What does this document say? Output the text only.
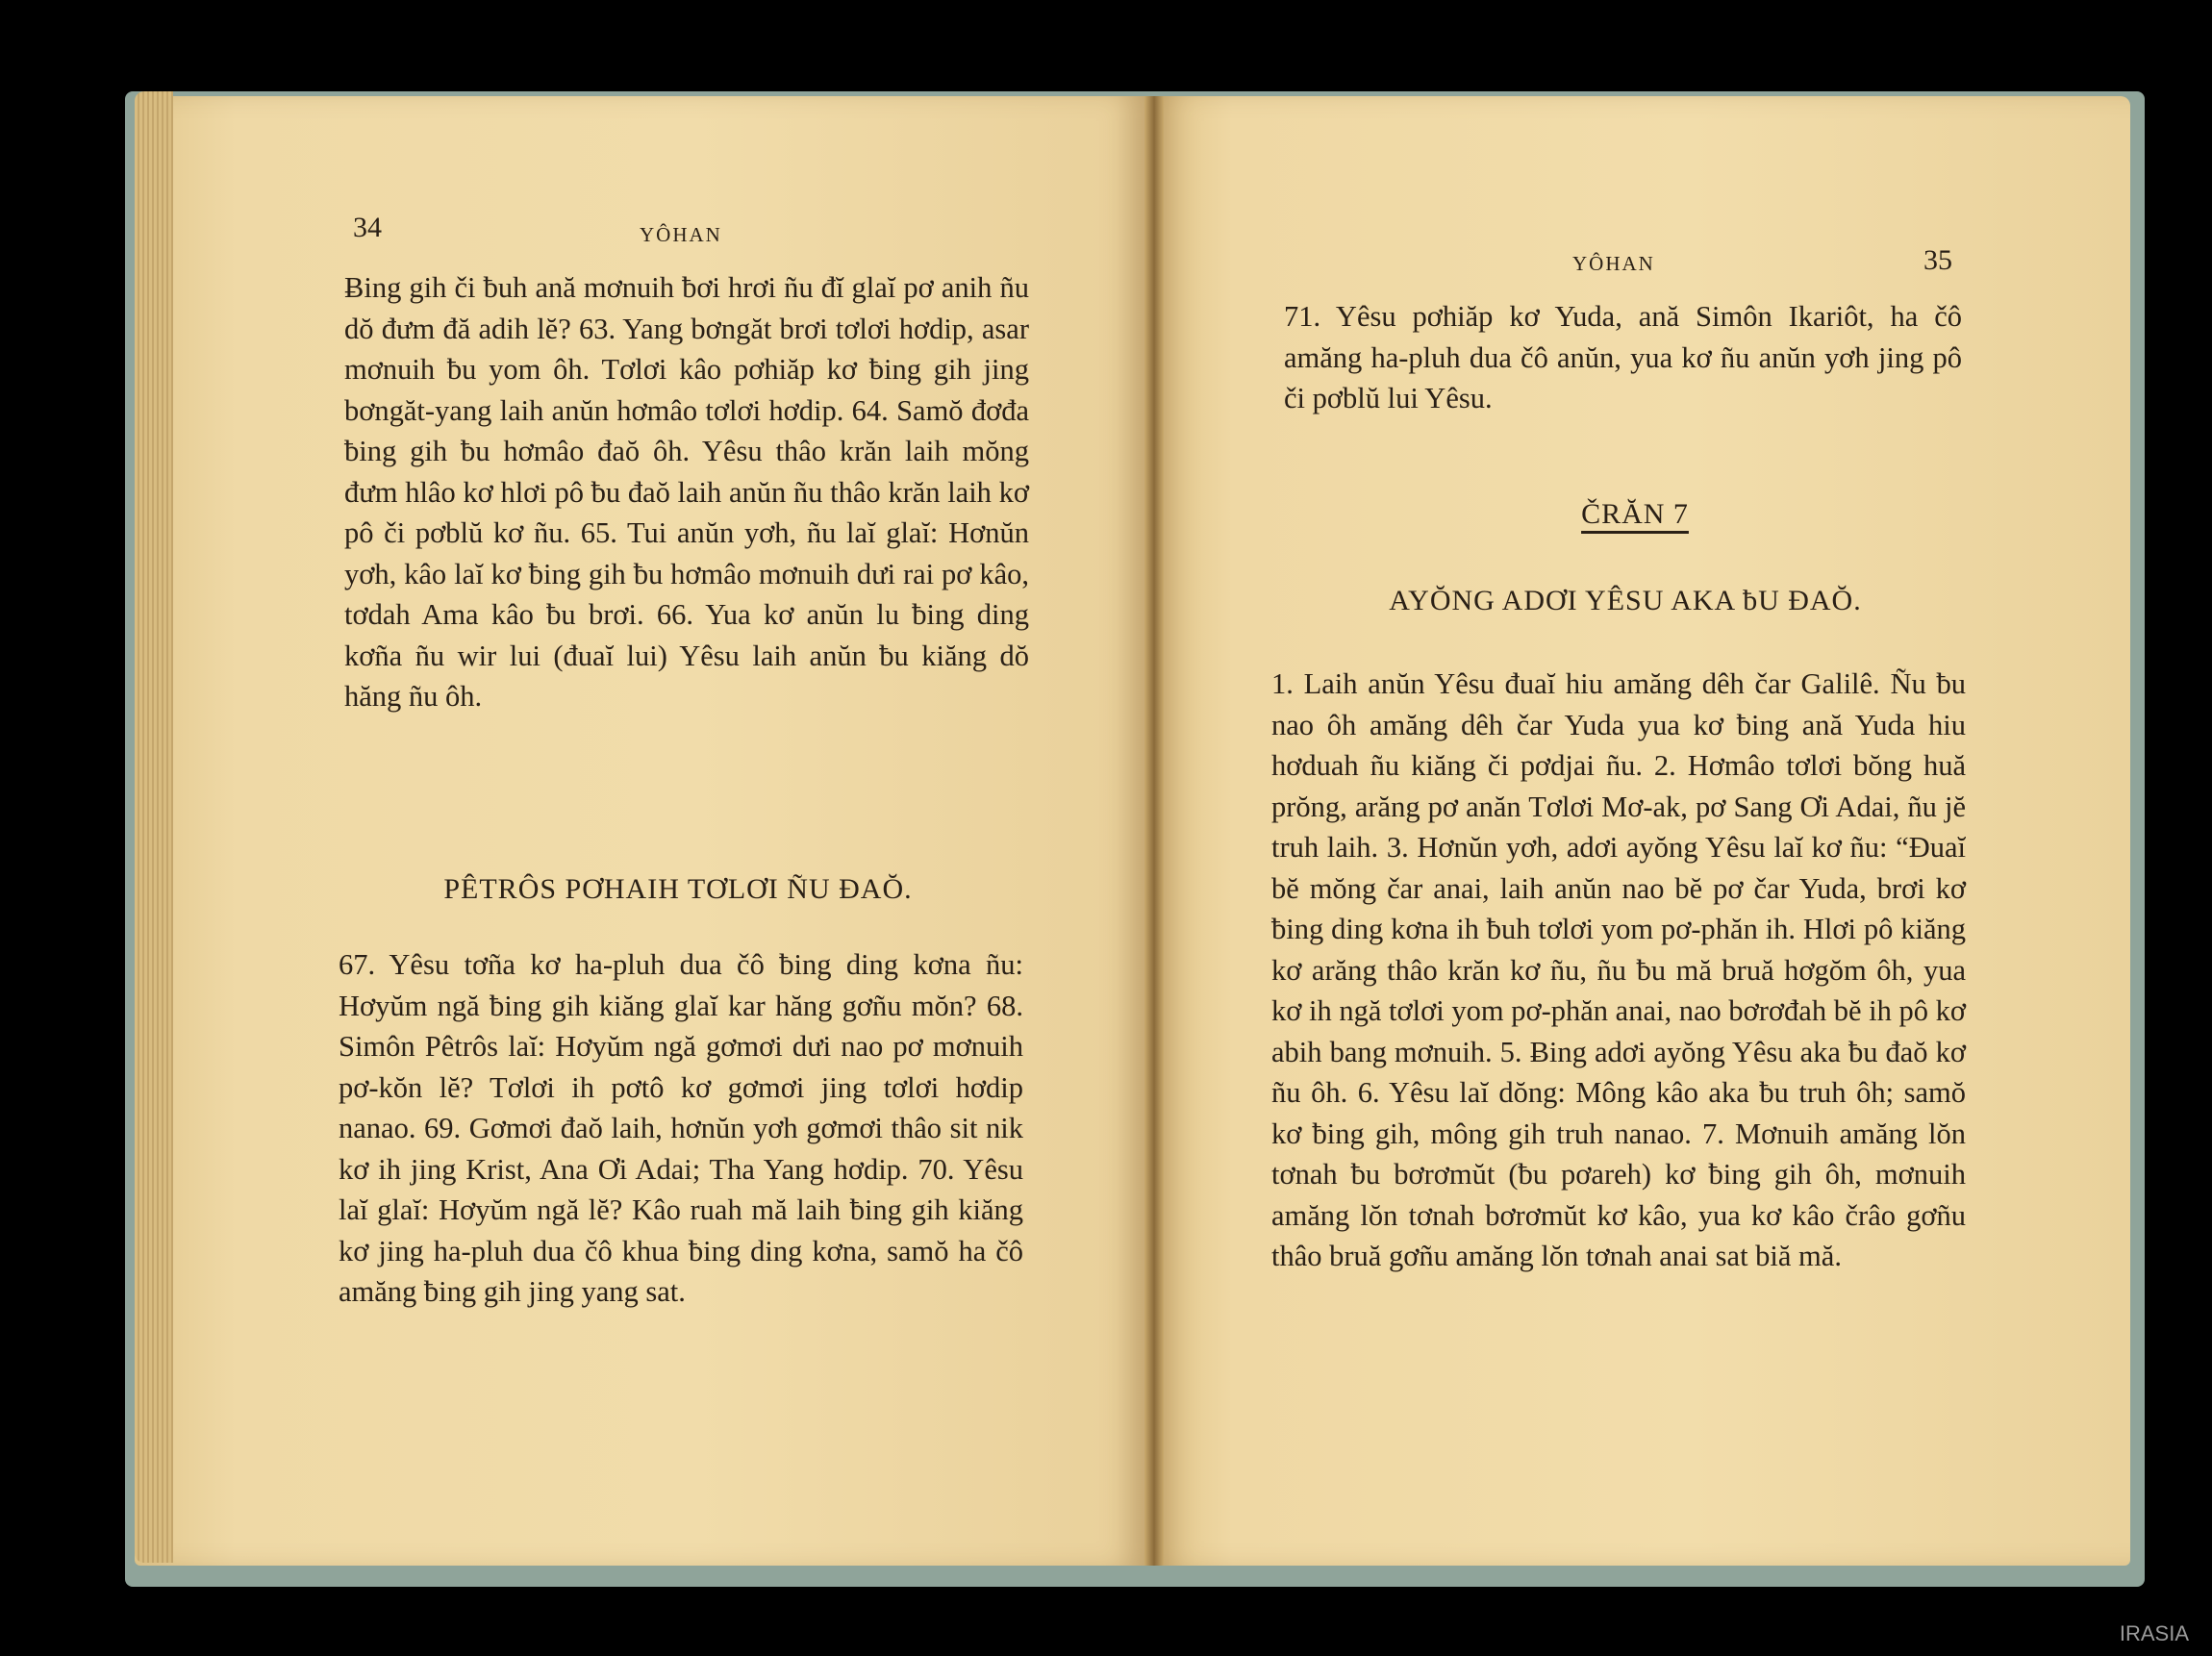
34	YÔHAN

Ƀing gih či ƀuh ană mơnuih ƀơi hrơi ñu đĭ glaĭ pơ anih ñu dŏ đưm đă adih lĕ? 63. Yang bơngăt brơi tơlơi hơdip, asar mơnuih ƀu yom ôh. Tơlơi kâo pơhiăp kơ ƀing gih jing bơngăt-yang laih anŭn hơmâo tơlơi hơdip. 64. Samŏ đơđa ƀing gih ƀu hơmâo đaŏ ôh. Yêsu thâo krăn laih mŏng đưm hlâo kơ hlơi pô ƀu đaŏ laih anŭn ñu thâo krăn laih kơ pô či pơblŭ kơ ñu. 65. Tui anŭn yơh, ñu laĭ glaĭ: Hơnŭn yơh, kâo laĭ kơ ƀing gih ƀu hơmâo mơnuih dưi rai pơ kâo, tơdah Ama kâo ƀu brơi. 66. Yua kơ anŭn lu ƀing ding kơña ñu wir lui (đuaĭ lui) Yêsu laih anŭn ƀu kiăng dŏ hăng ñu ôh.

PÊTRÔS PƠHAIH TƠLƠI ÑU ĐAŎ.

67. Yêsu tơña kơ ha-pluh dua čô ƀing ding kơna ñu: Hơyŭm ngă ƀing gih kiăng glaĭ kar hăng gơñu mŏn? 68. Simôn Pêtrôs laĭ: Hơyŭm ngă gơmơi dưi nao pơ mơnuih pơ-kŏn lĕ? Tơlơi ih pơtô kơ gơmơi jing tơlơi hơdip nanao. 69. Gơmơi đaŏ laih, hơnŭn yơh gơmơi thâo sit nik kơ ih jing Krist, Ana Ơi Adai; Tha Yang hơdip. 70. Yêsu laĭ glaĭ: Hơyŭm ngă lĕ? Kâo ruah mă laih ƀing gih kiăng kơ jing ha-pluh dua čô khua ƀing ding kơna, samŏ ha čô amăng ƀing gih jing yang sat.

YÔHAN	35

71. Yêsu pơhiăp kơ Yuda, ană Simôn Ikariôt, ha čô amăng ha-pluh dua čô anŭn, yua kơ ñu anŭn yơh jing pô či pơblŭ lui Yêsu.

ČRĂN 7

AYŎNG ADƠI YÊSU AKA ƀU ĐAŎ.

1. Laih anŭn Yêsu đuaĭ hiu amăng dêh čar Galilê. Ñu ƀu nao ôh amăng dêh čar Yuda yua kơ ƀing ană Yuda hiu hơduah ñu kiăng či pơdjai ñu. 2. Hơmâo tơlơi bŏng huă prŏng, arăng pơ anăn Tơlơi Mơ-ak, pơ Sang Ơi Adai, ñu jĕ truh laih. 3. Hơnŭn yơh, adơi ayŏng Yêsu laĭ kơ ñu: “Đuaĭ bĕ mŏng čar anai, laih anŭn nao bĕ pơ čar Yuda, brơi kơ ƀing ding kơna ih ƀuh tơlơi yom pơ-phăn ih. Hlơi pô kiăng kơ arăng thâo krăn kơ ñu, ñu ƀu mă bruă hơgŏm ôh, yua kơ ih ngă tơlơi yom pơ-phăn anai, nao bơrơđah bĕ ih pô kơ abih bang mơnuih. 5. Ƀing adơi ayŏng Yêsu aka ƀu đaŏ kơ ñu ôh. 6. Yêsu laĭ dŏng: Mông kâo aka ƀu truh ôh; samŏ kơ ƀing gih, mông gih truh nanao. 7. Mơnuih amăng lŏn tơnah ƀu bơrơmŭt (ƀu pơareh) kơ ƀing gih ôh, mơnuih amăng lŏn tơnah bơrơmŭt kơ kâo, yua kơ kâo črâo gơñu thâo bruă gơñu amăng lŏn tơnah anai sat biă mă.

IRASIA
